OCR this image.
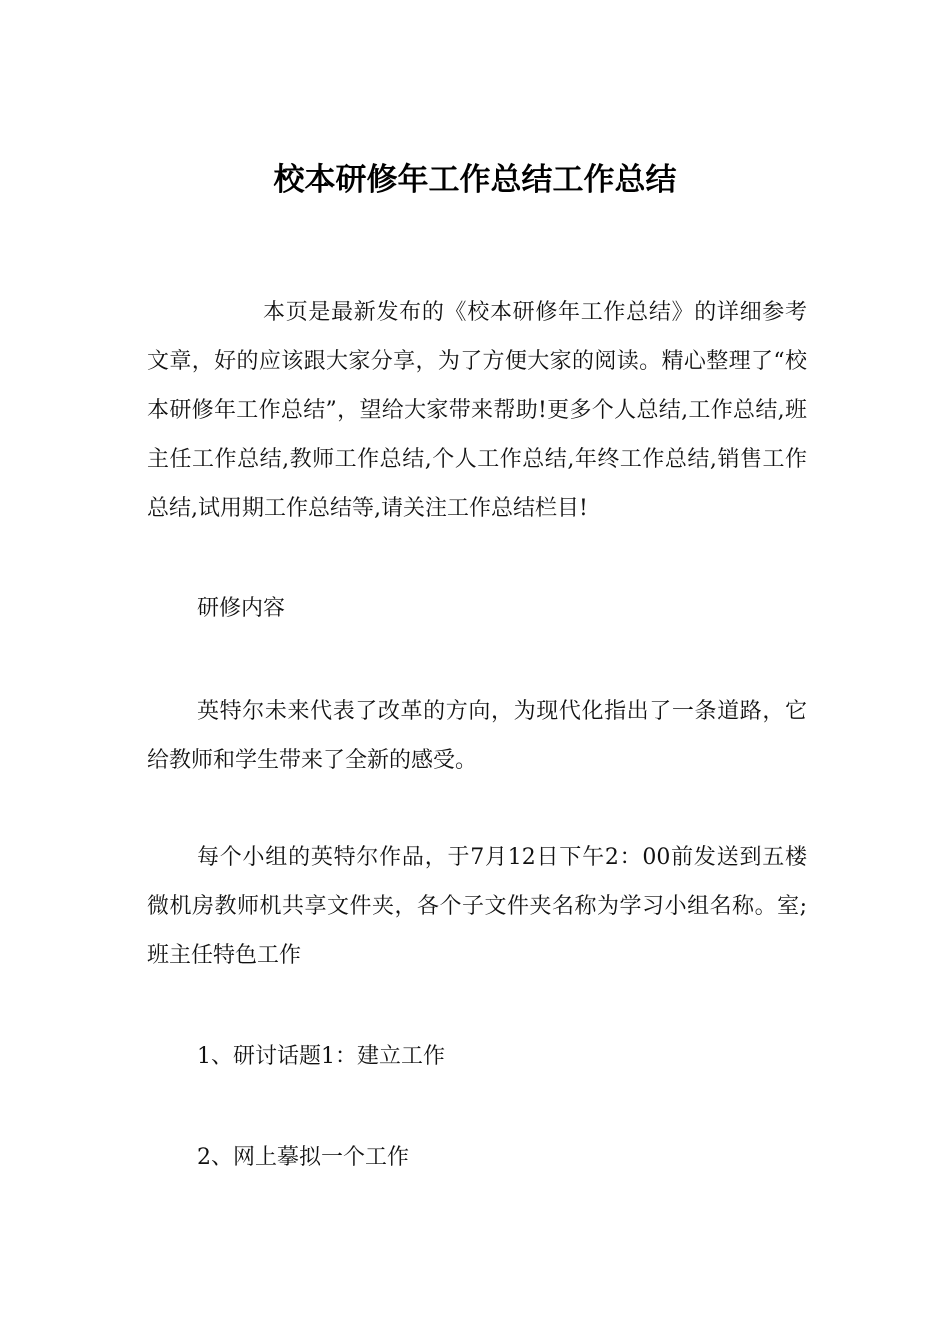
校本研修年工作总结工作总结
本页是最新发布的《校本研修年工作总结》的详细参考文章，好的应该跟大家分享，为了方便大家的阅读。精心整理了“校本研修年工作总结”，望给大家带来帮助!更多个人总结,工作总结,班主任工作总结,教师工作总结,个人工作总结,年终工作总结,销售工作总结,试用期工作总结等,请关注工作总结栏目!
研修内容
英特尔未来代表了改革的方向，为现代化指出了一条道路，它给教师和学生带来了全新的感受。
每个小组的英特尔作品，于7月12日下午2：00前发送到五楼微机房教师机共享文件夹，各个子文件夹名称为学习小组名称。室;班主任特色工作
1、研讨话题1：建立工作
2、网上摹拟一个工作
